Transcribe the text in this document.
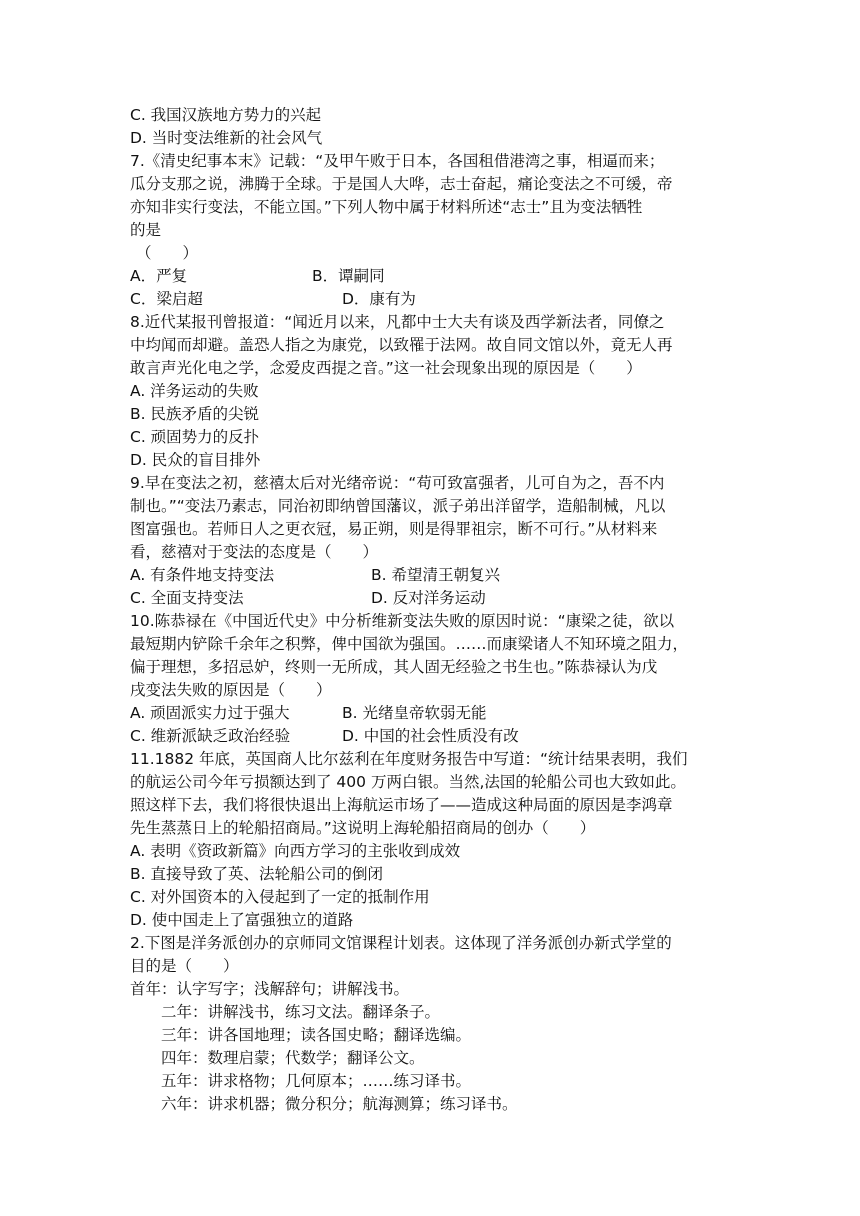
C. 我国汉族地方势力的兴起
D. 当时变法维新的社会风气
7.《清史纪事本末》记载：“及甲午败于日本，各国租借港湾之事，相逼而来；
瓜分支那之说，沸腾于全球。于是国人大哗，志士奋起，痛论变法之不可缓，帝
亦知非实行变法，不能立国。”下列人物中属于材料所述“志士”且为变法牺牲
的是
（　　）
A．严复	B．谭嗣同
C．梁启超	D．康有为
8.近代某报刊曾报道：“闻近月以来，凡都中士大夫有谈及西学新法者，同僚之
中均闻而却避。盖恐人指之为康党，以致罹于法网。故自同文馆以外，竟无人再
敢言声光化电之学，念爱皮西提之音。”这一社会现象出现的原因是（　　）
A. 洋务运动的失败
B. 民族矛盾的尖锐
C. 顽固势力的反扑
D. 民众的盲目排外
9.早在变法之初，慈禧太后对光绪帝说：“苟可致富强者，儿可自为之，吾不内
制也。”“变法乃素志，同治初即纳曾国藩议，派子弟出洋留学，造船制械，凡以
图富强也。若师日人之更衣冠，易正朔，则是得罪祖宗，断不可行。”从材料来
看，慈禧对于变法的态度是（　　）
A. 有条件地支持变法	B. 希望清王朝复兴
C. 全面支持变法	D. 反对洋务运动
10.陈恭禄在《中国近代史》中分析维新变法失败的原因时说：“康梁之徒，欲以
最短期内铲除千余年之积弊，俾中国欲为强国。……而康梁诸人不知环境之阻力，
偏于理想，多招忌妒，终则一无所成，其人固无经验之书生也。”陈恭禄认为戊
戌变法失败的原因是（　　）
A. 顽固派实力过于强大	B. 光绪皇帝软弱无能
C. 维新派缺乏政治经验	D. 中国的社会性质没有改
11.1882 年底，英国商人比尔兹利在年度财务报告中写道：“统计结果表明，我们
的航运公司今年亏损额达到了 400 万两白银。当然,法国的轮船公司也大致如此。
照这样下去，我们将很快退出上海航运市场了——造成这种局面的原因是李鸿章
先生蒸蒸日上的轮船招商局。”这说明上海轮船招商局的创办（　　）
A. 表明《资政新篇》向西方学习的主张收到成效
B. 直接导致了英、法轮船公司的倒闭
C. 对外国资本的入侵起到了一定的抵制作用
D. 使中国走上了富强独立的道路
2.下图是洋务派创办的京师同文馆课程计划表。这体现了洋务派创办新式学堂的
目的是（　　）
首年：认字写字；浅解辞句；讲解浅书。
二年：讲解浅书，练习文法。翻译条子。
三年：讲各国地理；读各国史略；翻译选编。
四年：数理启蒙；代数学；翻译公文。
五年：讲求格物；几何原本；……练习译书。
六年：讲求机器；微分积分；航海测算；练习译书。
